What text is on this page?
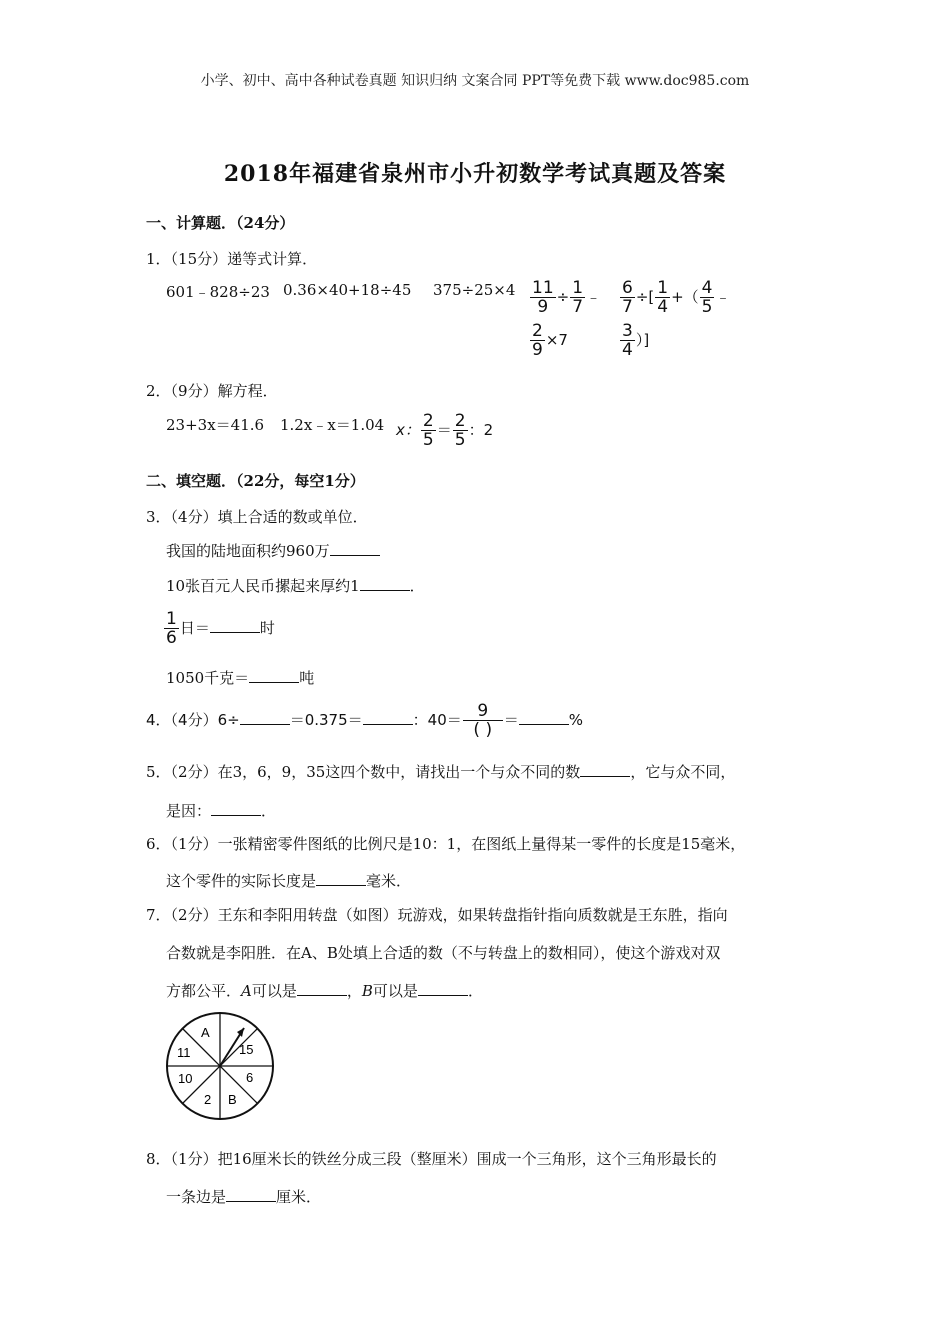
小学、初中、高中各种试卷真题 知识归纳 文案合同 PPT等免费下载 www.doc985.com
2018年福建省泉州市小升初数学考试真题及答案
一、计算题．（24分）
1．（15分）递等式计算．
601﹣828÷23 0.36×40+18÷45 $375\div 25\times 4 \frac{11}{9} \div \frac{1}{7}$ ﹣
$\frac{2}{9} \times 7$
$\frac{6}{7}$ ÷[ $\frac{1}{4}$ +（ $\frac{4}{5}$ ﹣
$\frac{3}{4}$ ）]
2．（9分）解方程．
23+3x＝41.6 1.2x﹣x＝1.04 x： $\frac{2}{5} = \frac{2}{5}$ ：2
二、填空题．（22分，每空1分）
3．（4分）填上合适的数或单位．
我国的陆地面积约960万
10张百元人民币摞起来厚约1	．
$\frac{1}{6}$ 日＝	时
1050千克＝	吨
4．（4分）6÷	＝0.375＝	：$40= \frac{9}{( )}$ ＝	%
5．（2分）在3，6，9，35这四个数中，请找出一个与众不同的数	，它与众不同，
是因：	．
6．（1分）一张精密零件图纸的比例尺是10：1，在图纸上量得某一零件的长度是15毫米，
这个零件的实际长度是	毫米．
7．（2分）王东和李阳用转盘（如图）玩游戏，如果转盘指针指向质数就是王东胜，指向
合数就是李阳胜．在A、B处填上合适的数（不与转盘上的数相同），使这个游戏对双
方都公平．A可以是	，B可以是	．
A
15
6
B
2
10
11
8．（1分）把16厘米长的铁丝分成三段（整厘米）围成一个三角形，这个三角形最长的
一条边是	厘米．
